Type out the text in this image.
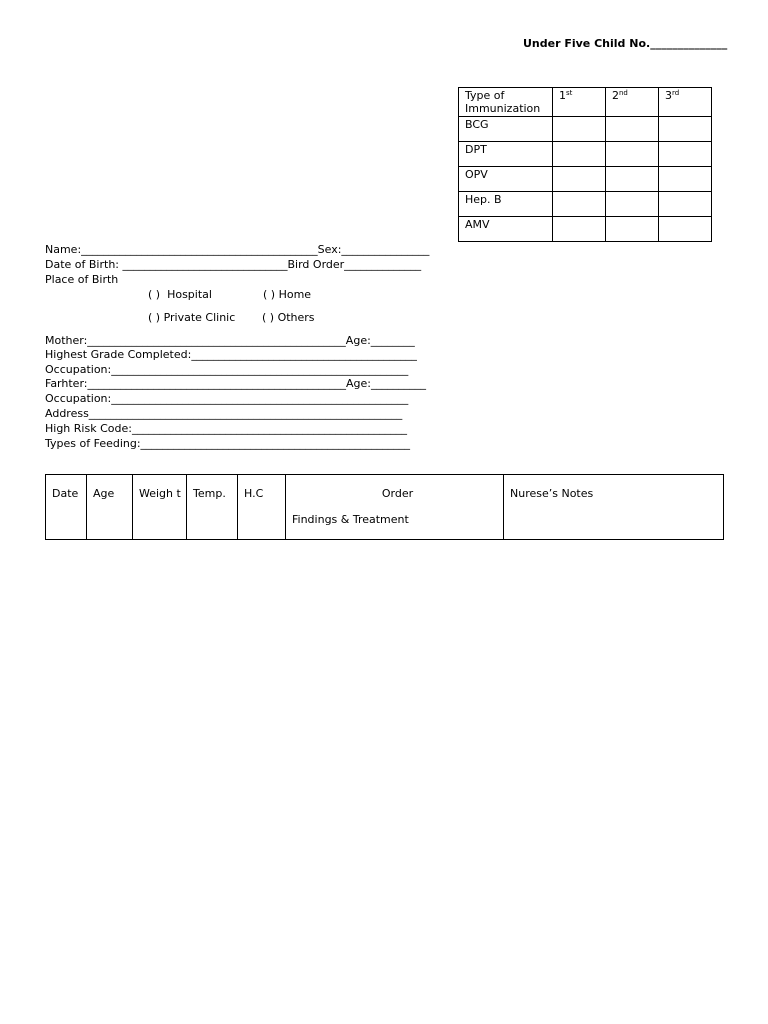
Under Five Child No.______________
Type of Immunization	1st	2nd	3rd
BCG			
DPT			
OPV			
Hep. B			
AMV			
Name:___________________________________________Sex:________________
Date of Birth: ______________________________Bird Order______________
Place of Birth
( )  Hospital	( ) Home
( ) Private Clinic ( ) Others
Mother:_______________________________________________Age:________
Highest Grade Completed:_________________________________________
Occupation:______________________________________________________
Farhter:_______________________________________________Age:__________
Occupation:______________________________________________________
Address_________________________________________________________
High Risk Code:__________________________________________________
Types of Feeding:_________________________________________________
Date	Age	Weigh t	Temp.	H.C	Order
Findings & Treatment
	Nurese’s Notes
